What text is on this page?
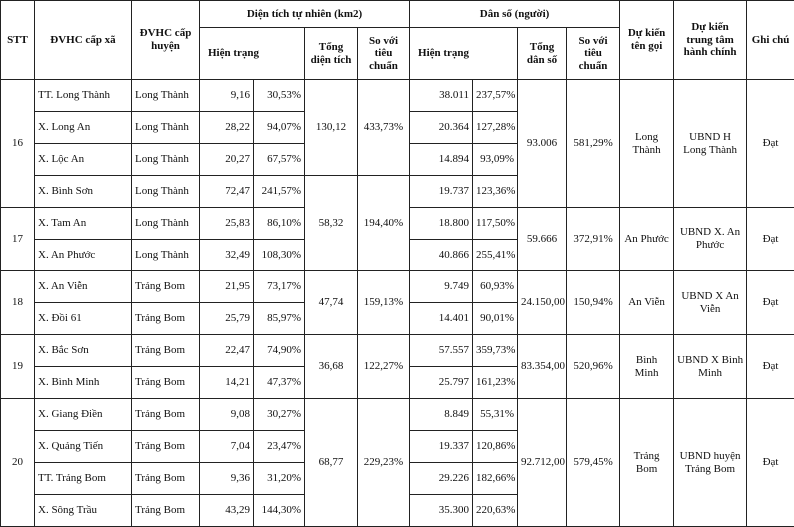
STT	ĐVHC cấp xã	ĐVHC cấp huyện	Diện tích tự nhiên (km2)				Dân số (người)				Dự kiến tên gọi	Dự kiến trung tâm hành chính	Ghi chú
			Hiện trạng		Tổng diện tích	So với tiêu chuẩn	Hiện trạng		Tổng dân số	So với tiêu chuẩn			
16	TT. Long Thành	Long Thành	9,16	30,53%	130,12	433,73%	38.011	237,57%	93.006	581,29%	Long Thành	UBND H Long Thành	Đạt
	X. Long An	Long Thành	28,22	94,07%			20.364	127,28%					
	X. Lộc An	Long Thành	20,27	67,57%			14.894	93,09%					
	X. Bình Sơn	Long Thành	72,47	241,57%	58,32	194,40%	19.737	123,36%					
17	X. Tam An	Long Thành	25,83	86,10%			18.800	117,50%	59.666	372,91%	An Phước	UBND X. An Phước	Đạt
	X. An Phước	Long Thành	32,49	108,30%			40.866	255,41%					
18	X. An Viễn	Trảng Bom	21,95	73,17%	47,74	159,13%	9.749	60,93%	24.150,00	150,94%	An Viễn	UBND X An Viễn	Đạt
	X. Đồi 61	Trảng Bom	25,79	85,97%			14.401	90,01%					
19	X. Bắc Sơn	Trảng Bom	22,47	74,90%	36,68	122,27%	57.557	359,73%	83.354,00	520,96%	Bình Minh	UBND X Bình Minh	Đạt
	X. Bình Minh	Trảng Bom	14,21	47,37%			25.797	161,23%					
20	X. Giang Điền	Trảng Bom	9,08	30,27%	68,77	229,23%	8.849	55,31%	92.712,00	579,45%	Trảng Bom	UBND huyện Trảng Bom	Đạt
	X. Quảng Tiến	Trảng Bom	7,04	23,47%			19.337	120,86%					
	TT. Trảng Bom	Trảng Bom	9,36	31,20%			29.226	182,66%					
	X. Sông Trầu	Trảng Bom	43,29	144,30%			35.300	220,63%					
